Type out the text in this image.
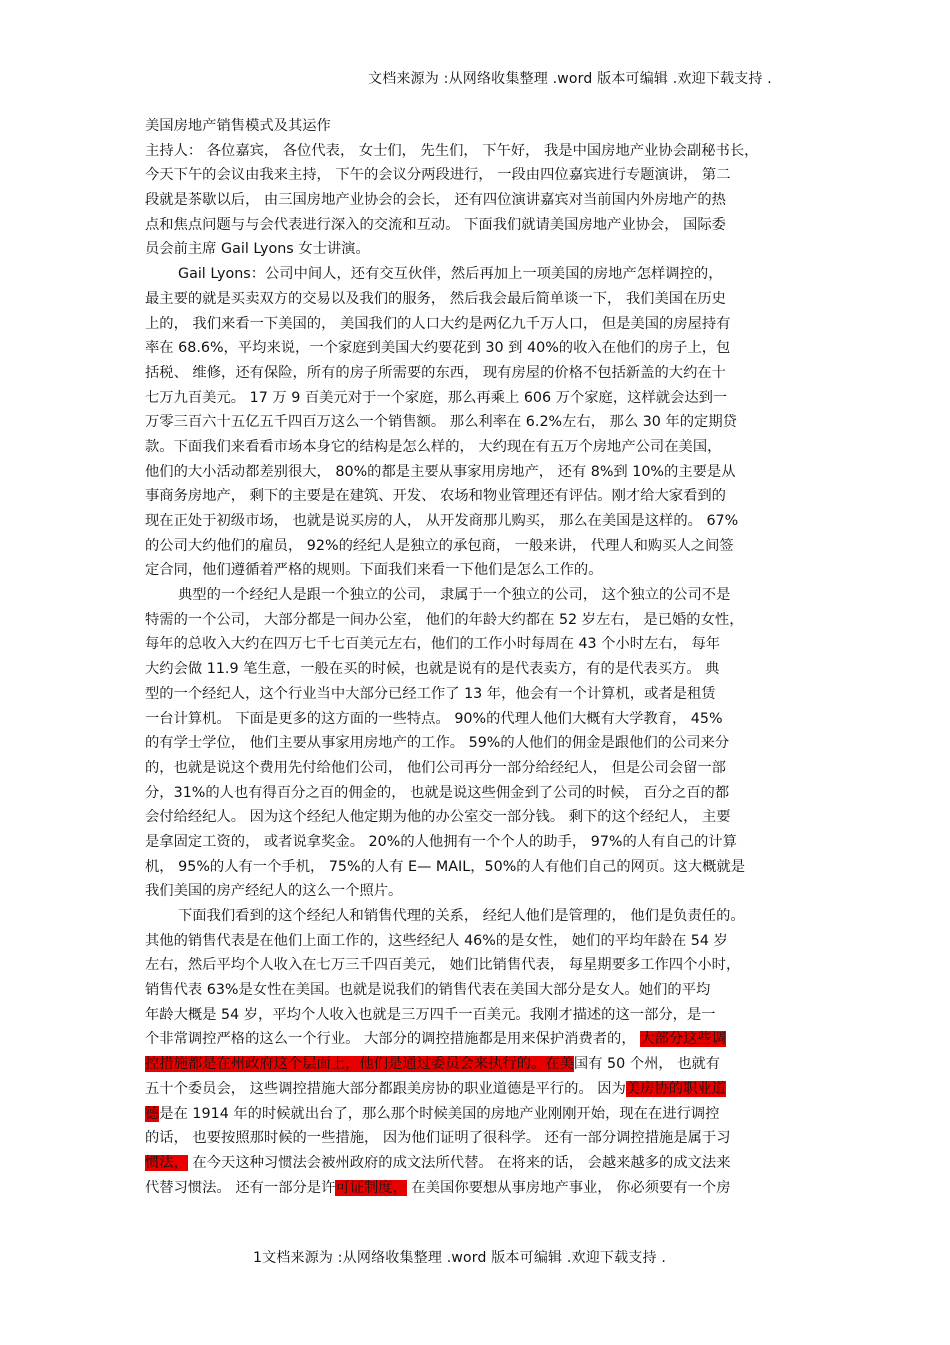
文档来源为 :从网络收集整理 .word 版本可编辑 .欢迎下载支持 .
美国房地产销售模式及其运作
主持人： 各位嘉宾， 各位代表， 女士们， 先生们， 下午好， 我是中国房地产业协会副秘书长，
今天下午的会议由我来主持， 下午的会议分两段进行， 一段由四位嘉宾进行专题演讲， 第二
段就是茶歇以后， 由三国房地产业协会的会长， 还有四位演讲嘉宾对当前国内外房地产的热
点和焦点问题与与会代表进行深入的交流和互动。 下面我们就请美国房地产业协会， 国际委
员会前主席 Gail Lyons 女士讲演。
Gail Lyons：公司中间人，还有交互伙伴，然后再加上一项美国的房地产怎样调控的，
最主要的就是买卖双方的交易以及我们的服务， 然后我会最后简单谈一下， 我们美国在历史
上的， 我们来看一下美国的， 美国我们的人口大约是两亿九千万人口， 但是美国的房屋持有
率在 68.6%，平均来说，一个家庭到美国大约要花到 30 到 40%的收入在他们的房子上，包
括税、 维修，还有保险，所有的房子所需要的东西， 现有房屋的价格不包括新盖的大约在十
七万九百美元。 17 万 9 百美元对于一个家庭，那么再乘上 606 万个家庭，这样就会达到一
万零三百六十五亿五千四百万这么一个销售额。 那么利率在 6.2%左右， 那么 30 年的定期贷
款。下面我们来看看市场本身它的结构是怎么样的， 大约现在有五万个房地产公司在美国，
他们的大小活动都差别很大， 80%的都是主要从事家用房地产， 还有 8%到 10%的主要是从
事商务房地产， 剩下的主要是在建筑、开发、 农场和物业管理还有评估。刚才给大家看到的
现在正处于初级市场， 也就是说买房的人， 从开发商那儿购买， 那么在美国是这样的。 67%
的公司大约他们的雇员， 92%的经纪人是独立的承包商， 一般来讲， 代理人和购买人之间签
定合同，他们遵循着严格的规则。下面我们来看一下他们是怎么工作的。
典型的一个经纪人是跟一个独立的公司， 隶属于一个独立的公司， 这个独立的公司不是
特需的一个公司， 大部分都是一间办公室， 他们的年龄大约都在 52 岁左右， 是已婚的女性，
每年的总收入大约在四万七千七百美元左右，他们的工作小时每周在 43 个小时左右， 每年
大约会做 11.9 笔生意，一般在买的时候，也就是说有的是代表卖方，有的是代表买方。 典
型的一个经纪人，这个行业当中大部分已经工作了 13 年，他会有一个计算机，或者是租赁
一台计算机。 下面是更多的这方面的一些特点。 90%的代理人他们大概有大学教育， 45%
的有学士学位， 他们主要从事家用房地产的工作。 59%的人他们的佣金是跟他们的公司来分
的，也就是说这个费用先付给他们公司， 他们公司再分一部分给经纪人， 但是公司会留一部
分，31%的人也有得百分之百的佣金的， 也就是说这些佣金到了公司的时候， 百分之百的都
会付给经纪人。 因为这个经纪人他定期为他的办公室交一部分钱。 剩下的这个经纪人， 主要
是拿固定工资的， 或者说拿奖金。 20%的人他拥有一个个人的助手， 97%的人有自己的计算
机， 95%的人有一个手机， 75%的人有 E— MAIL，50%的人有他们自己的网页。这大概就是
我们美国的房产经纪人的这么一个照片。
下面我们看到的这个经纪人和销售代理的关系， 经纪人他们是管理的， 他们是负责任的。
其他的销售代表是在他们上面工作的，这些经纪人 46%的是女性， 她们的平均年龄在 54 岁
左右，然后平均个人收入在七万三千四百美元， 她们比销售代表， 每星期要多工作四个小时，
销售代表 63%是女性在美国。也就是说我们的销售代表在美国大部分是女人。她们的平均
年龄大概是 54 岁，平均个人收入也就是三万四千一百美元。我刚才描述的这一部分，是一
个非常调控严格的这么一个行业。 大部分的调控措施都是用来保护消费者的， 大部分这些调
控措施都是在州政府这个层面上，他们是通过委员会来执行的。在美国有 50 个州， 也就有
五十个委员会， 这些调控措施大部分都跟美房协的职业道德是平行的。 因为美房协的职业道
德是在 1914 年的时候就出台了，那么那个时候美国的房地产业刚刚开始，现在在进行调控
的话， 也要按照那时候的一些措施， 因为他们证明了很科学。 还有一部分调控措施是属于习
惯法， 在今天这种习惯法会被州政府的成文法所代替。 在将来的话， 会越来越多的成文法来
代替习惯法。 还有一部分是许可证制度， 在美国你要想从事房地产事业， 你必须要有一个房
1文档来源为 :从网络收集整理 .word 版本可编辑 .欢迎下载支持 .
